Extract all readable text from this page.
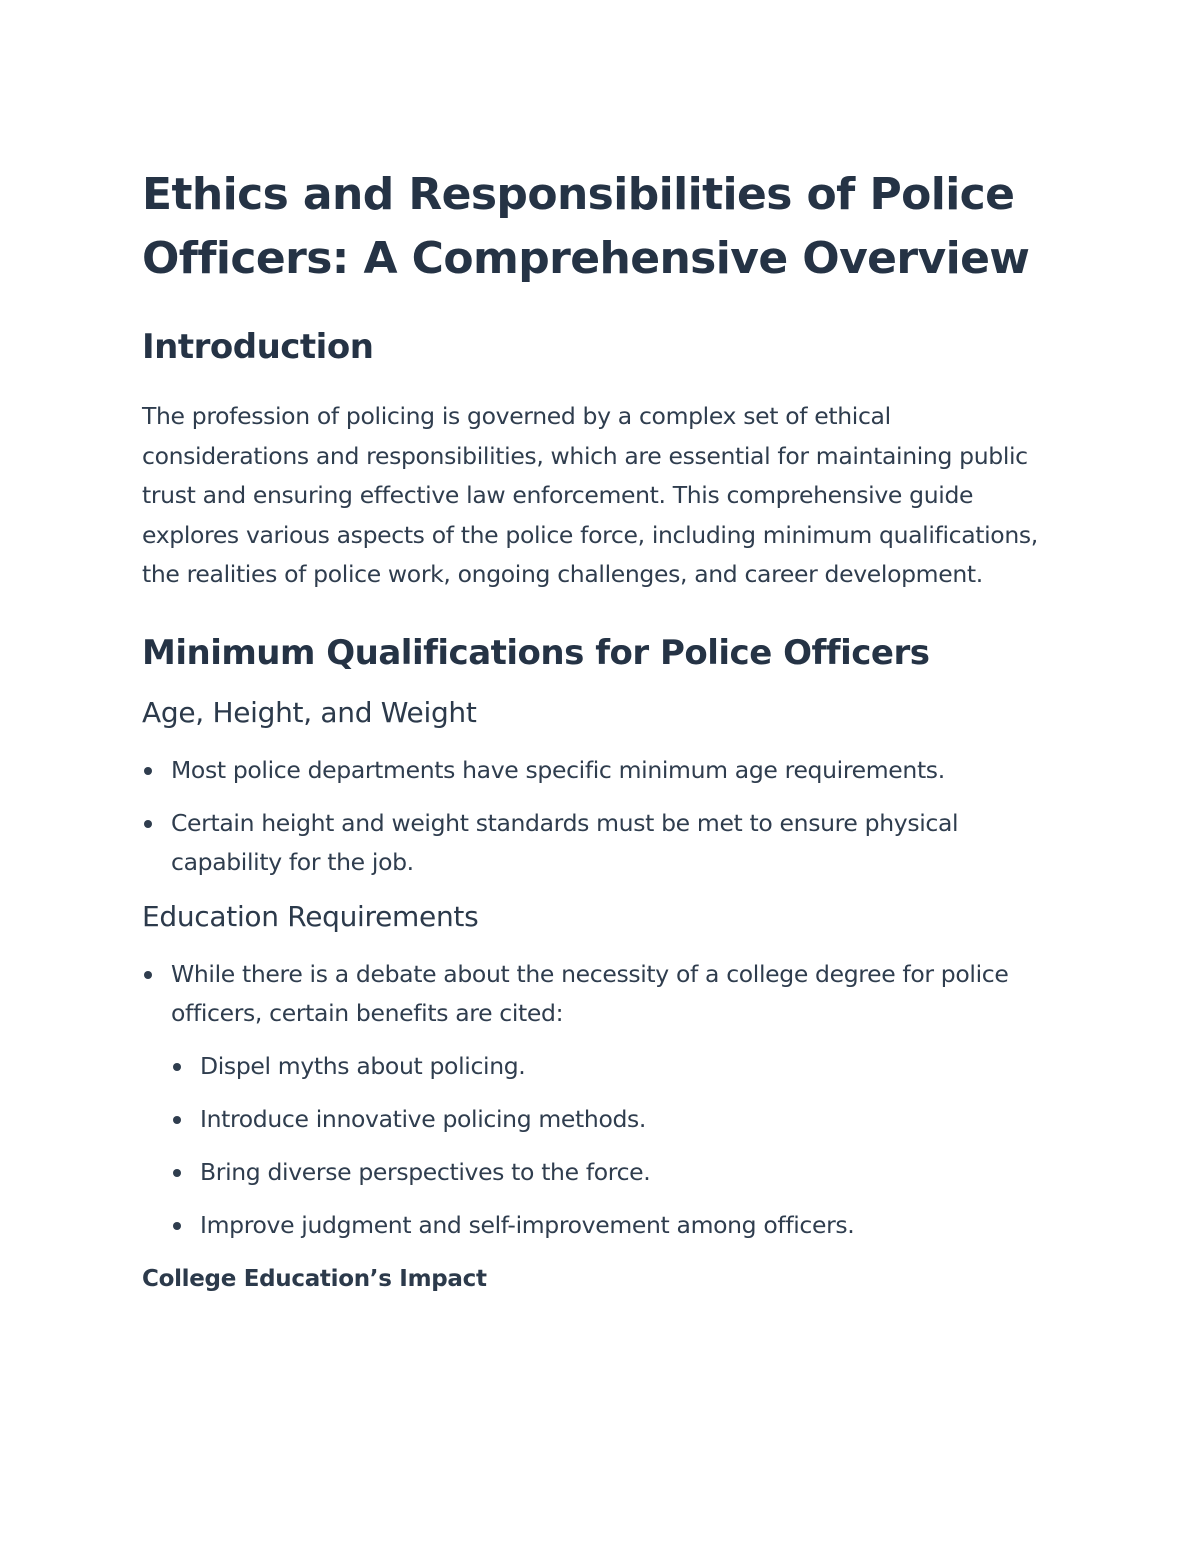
Ethics and Responsibilities of Police Officers: A Comprehensive Overview
Introduction

The profession of policing is governed by a complex set of ethical considerations and responsibilities, which are essential for maintaining public trust and ensuring effective law enforcement. This comprehensive guide explores various aspects of the police force, including minimum qualifications, the realities of police work, ongoing challenges, and career development.

Minimum Qualifications for Police Officers
Age, Height, and Weight
Most police departments have specific minimum age requirements.
Certain height and weight standards must be met to ensure physical capability for the job.
Education Requirements
While there is a debate about the necessity of a college degree for police officers, certain benefits are cited:
Dispel myths about policing.
Introduce innovative policing methods.
Bring diverse perspectives to the force.
Improve judgment and self-improvement among officers.
College Education’s Impact
